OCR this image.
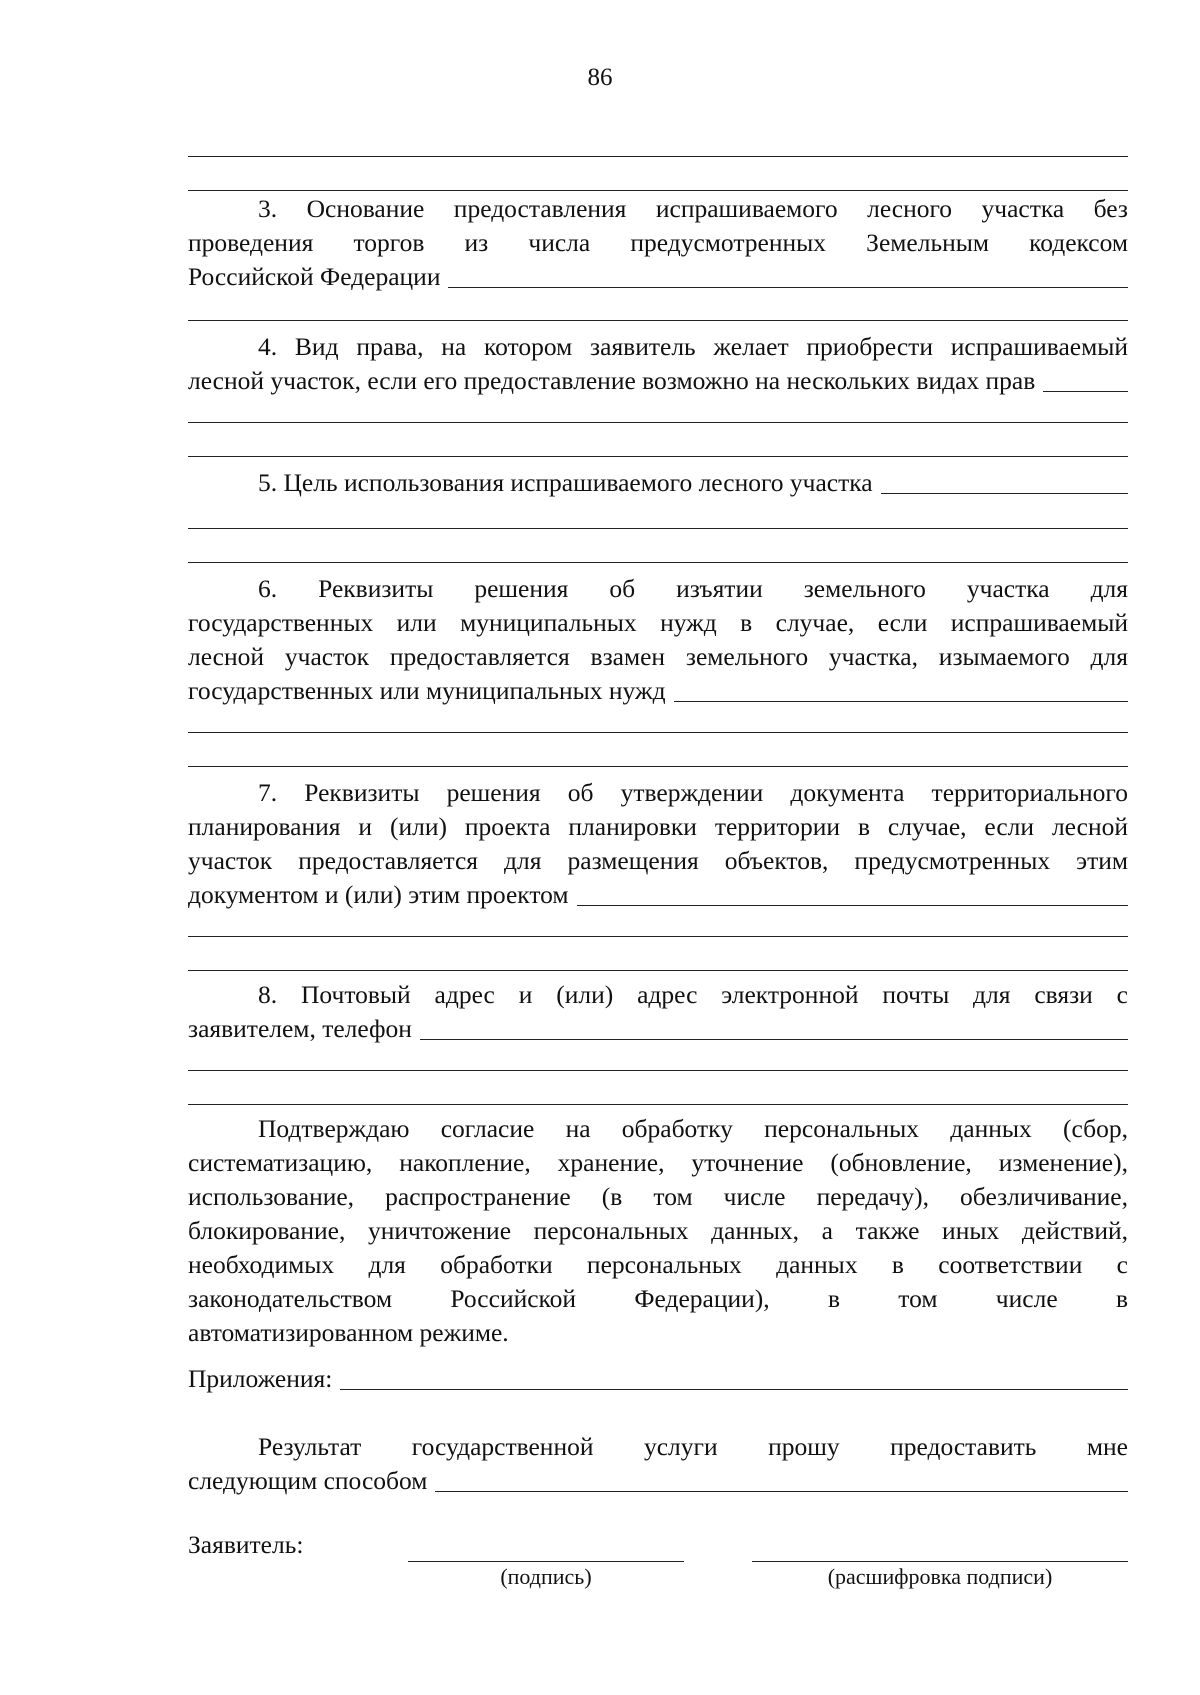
86
3. Основание предоставления испрашиваемого лесного участка без
проведения торгов из числа предусмотренных Земельным кодексом
Российской Федерации
4. Вид права, на котором заявитель желает приобрести испрашиваемый
лесной участок, если его предоставление возможно на нескольких видах прав
5. Цель использования испрашиваемого лесного участка
6. Реквизиты решения об изъятии земельного участка для
государственных или муниципальных нужд в случае, если испрашиваемый
лесной участок предоставляется взамен земельного участка, изымаемого для
государственных или муниципальных нужд
7. Реквизиты решения об утверждении документа территориального
планирования и (или) проекта планировки территории в случае, если лесной
участок предоставляется для размещения объектов, предусмотренных этим
документом и (или) этим проектом
8. Почтовый адрес и (или) адрес электронной почты для связи с
заявителем, телефон
Подтверждаю согласие на обработку персональных данных (сбор,
систематизацию, накопление, хранение, уточнение (обновление, изменение),
использование, распространение (в том числе передачу), обезличивание,
блокирование, уничтожение персональных данных, а также иных действий,
необходимых для обработки персональных данных в соответствии с
законодательством Российской Федерации), в том числе в
автоматизированном режиме.
Приложения:
Результат государственной услуги прошу предоставить мне
следующим способом
Заявитель:
(подпись)	(расшифровка подписи)
